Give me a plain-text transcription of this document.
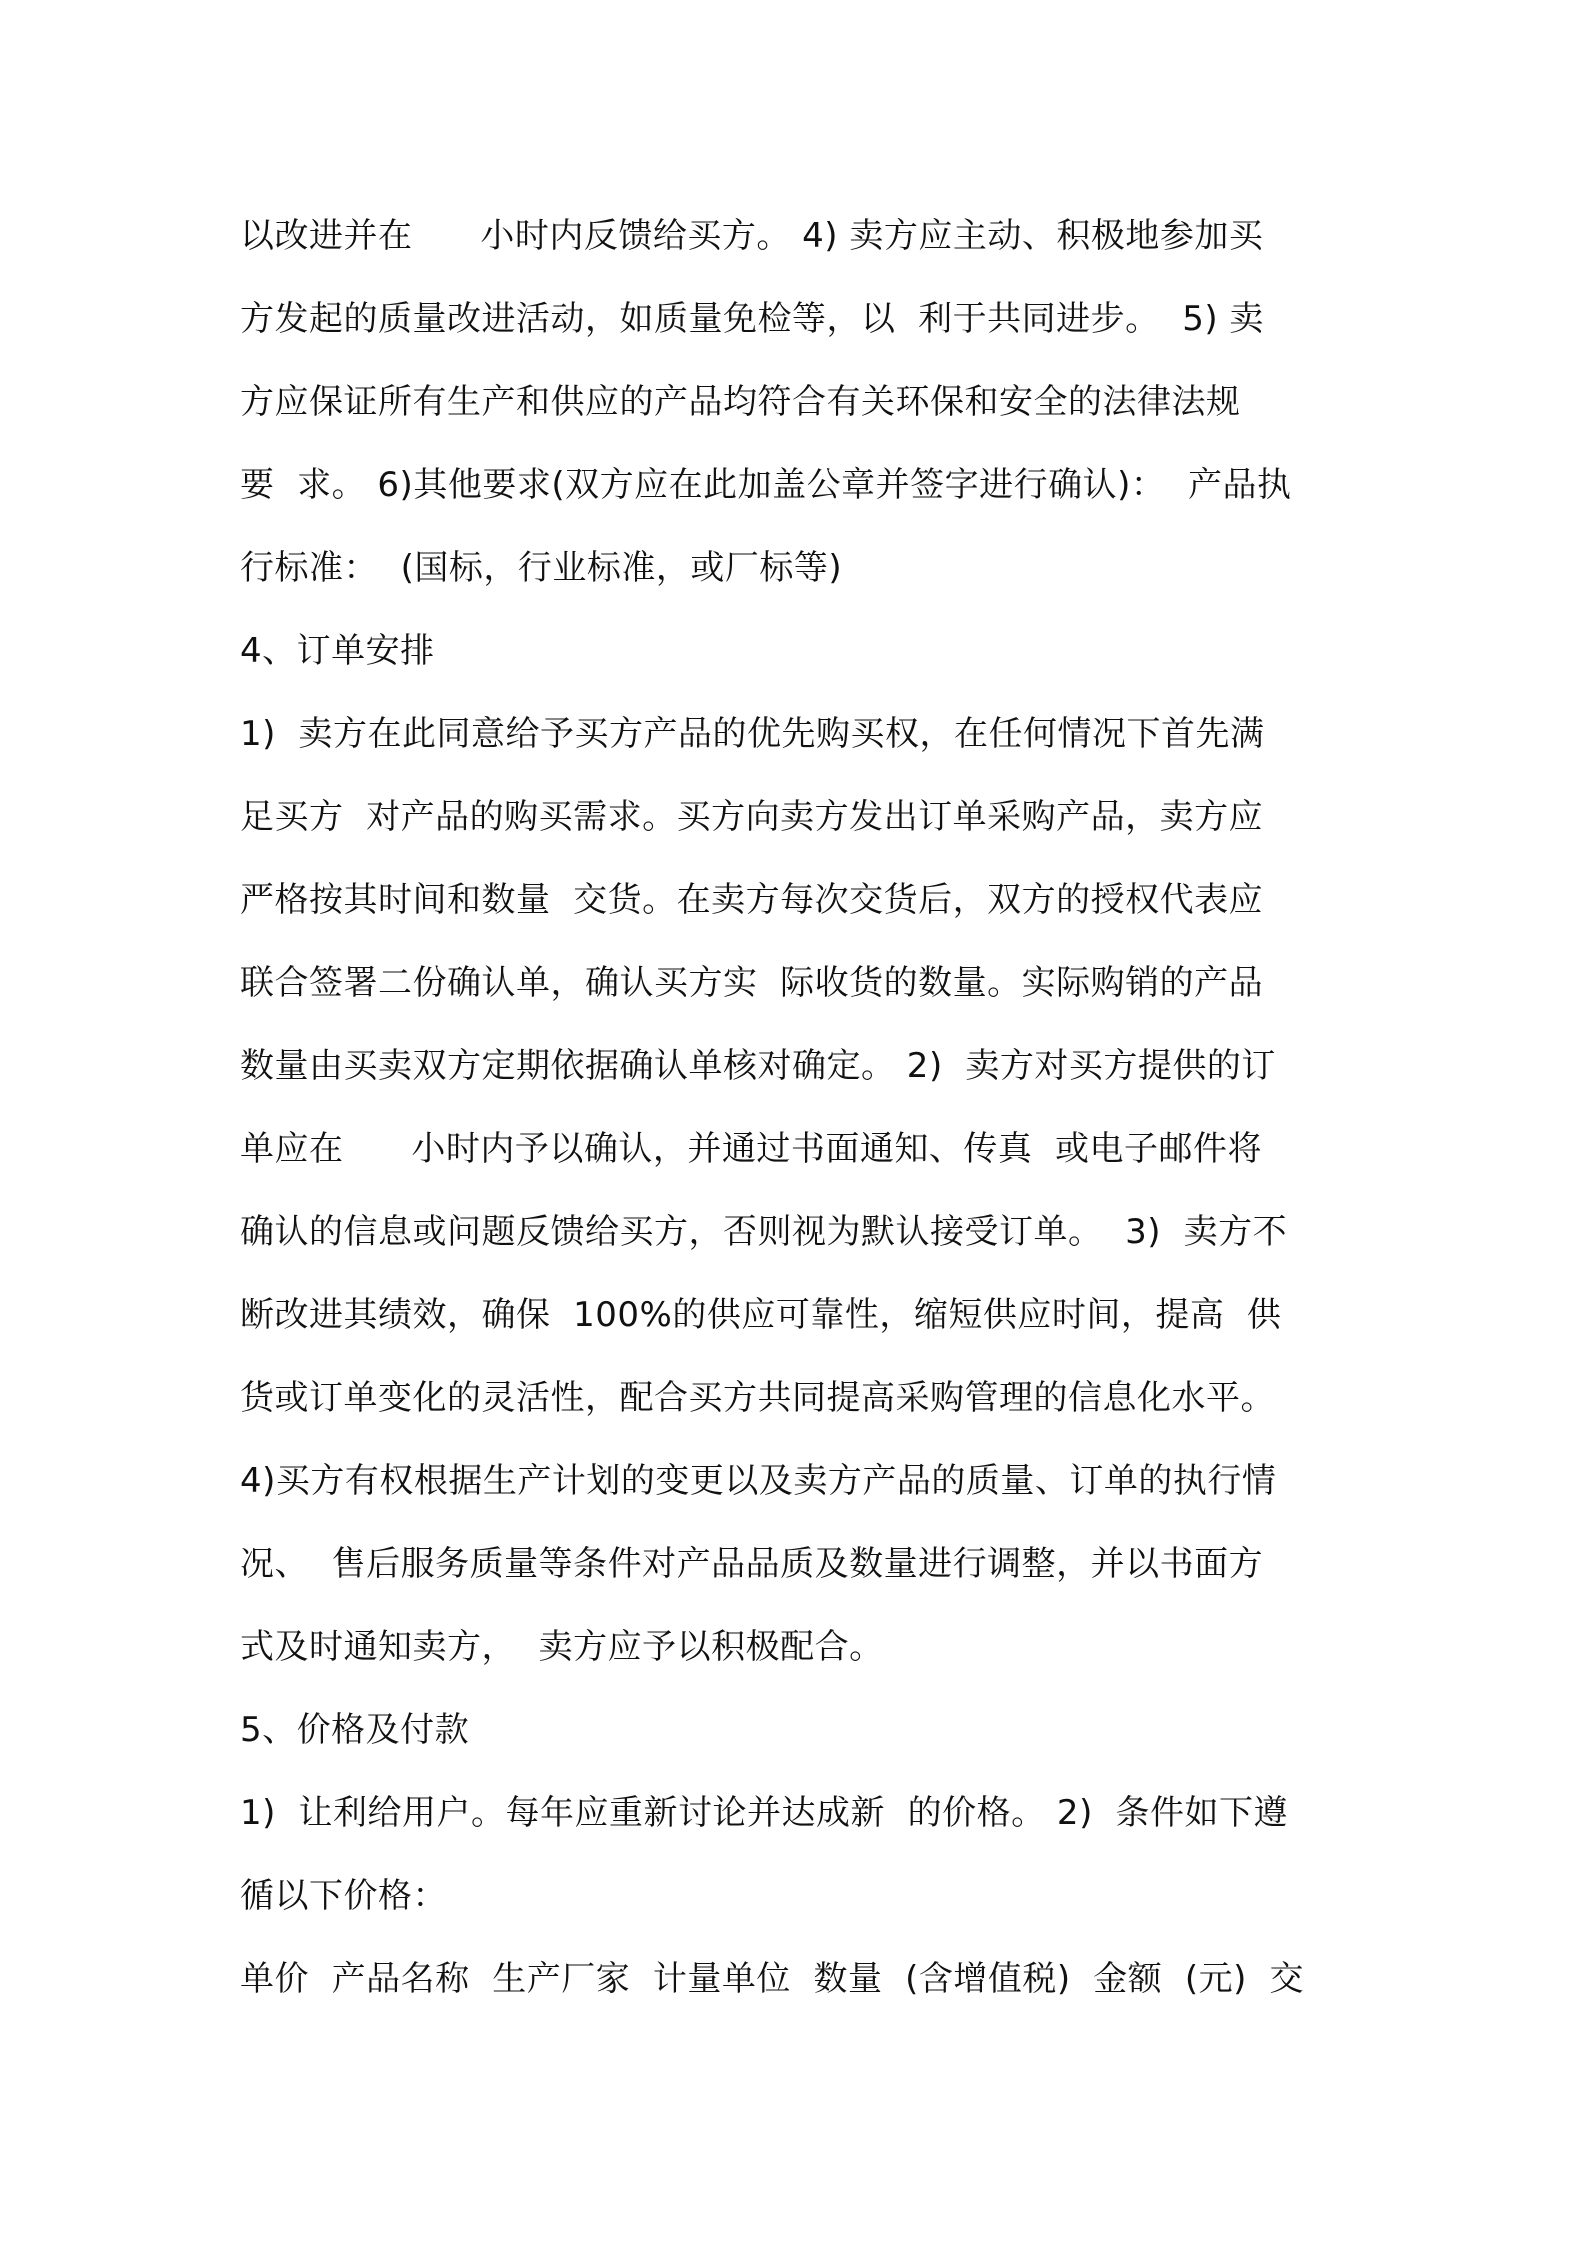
以改进并在      小时内反馈给买方。 4) 卖方应主动、积极地参加买
方发起的质量改进活动，如质量免检等，以  利于共同进步。  5) 卖
方应保证所有生产和供应的产品均符合有关环保和安全的法律法规
要  求。 6)其他要求(双方应在此加盖公章并签字进行确认)：  产品执
行标准：  (国标，行业标准，或厂标等)
4、订单安排
1)  卖方在此同意给予买方产品的优先购买权，在任何情况下首先满
足买方  对产品的购买需求。买方向卖方发出订单采购产品，卖方应
严格按其时间和数量  交货。在卖方每次交货后，双方的授权代表应
联合签署二份确认单，确认买方实  际收货的数量。实际购销的产品
数量由买卖双方定期依据确认单核对确定。 2)  卖方对买方提供的订
单应在      小时内予以确认，并通过书面通知、传真  或电子邮件将
确认的信息或问题反馈给买方，否则视为默认接受订单。  3)  卖方不
断改进其绩效，确保  100%的供应可靠性，缩短供应时间，提高  供
货或订单变化的灵活性，配合买方共同提高采购管理的信息化水平。
4)买方有权根据生产计划的变更以及卖方产品的质量、订单的执行情
况、  售后服务质量等条件对产品品质及数量进行调整，并以书面方
式及时通知卖方，  卖方应予以积极配合。
5、价格及付款
1)  让利给用户。每年应重新讨论并达成新  的价格。 2)  条件如下遵
循以下价格：
单价  产品名称  生产厂家  计量单位  数量  (含增值税)  金额  (元)  交
